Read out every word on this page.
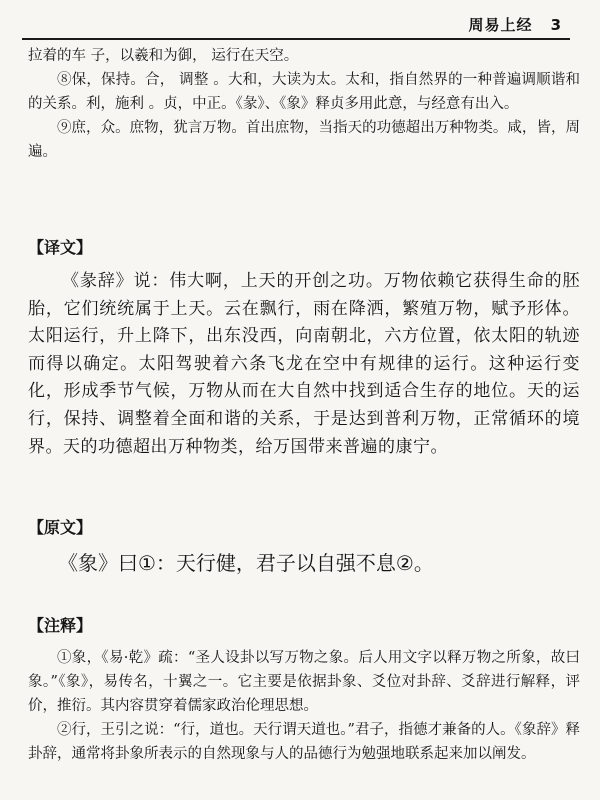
周易上经 3

拉着的车 子，以羲和为御， 运行在天空。

⑧保，保持。合， 调整 。大和，大读为太。太和，指自然界的一种普遍调顺谐和的关系。利，施利 。贞，中正。《彖》、《象》释贞多用此意，与经意有出入。

⑨庶，众。庶物，犹言万物。首出庶物，当指天的功德超出万种物类。咸，皆，周遍。

【译文】

《彖辞》说：伟大啊，上天的开创之功。万物依赖它获得生命的胚胎，它们统统属于上天。云在飘行，雨在降洒，繁殖万物，赋予形体。太阳运行，升上降下，出东没西，向南朝北，六方位置，依太阳的轨迹而得以确定。太阳驾驶着六条飞龙在空中有规律的运行。这种运行变化，形成季节气候，万物从而在大自然中找到适合生存的地位。天的运行，保持、调整着全面和谐的关系，于是达到普利万物，正常循环的境界。天的功德超出万种物类，给万国带来普遍的康宁。

【原文】
《象》曰①：天行健，君子以自强不息②。
【注释】

①象，《易·乾》疏：“圣人设卦以写万物之象。后人用文字以释万物之所象，故曰象。”《象》，易传名，十翼之一。它主要是依据卦象、爻位对卦辞、爻辞进行解释，评价，推衍。其内容贯穿着儒家政治伦理思想。

②行，王引之说：“行，道也。天行谓天道也。”君子，指德才兼备的人。《象辞》释卦辞，通常将卦象所表示的自然现象与人的品德行为勉强地联系起来加以阐发。
